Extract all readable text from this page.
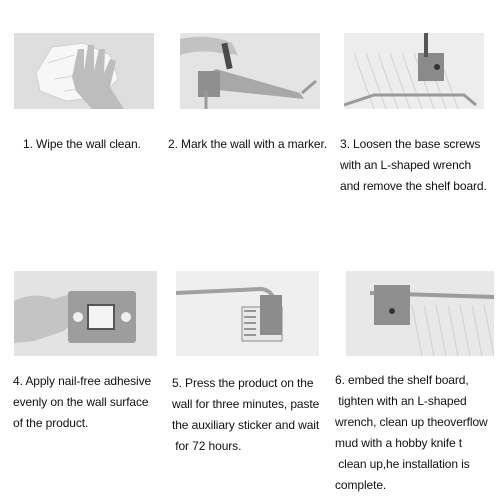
1. Wipe the wall clean. 2. Mark the wall with a marker. 3. Loosen the base screws
with an L-shaped wrench
and remove the shelf board.
4. Apply nail-free adhesive
evenly on the wall surface
of the product.
5. Press the product on the
wall for three minutes, paste
the auxiliary sticker and wait
for 72 hours.
6. embed the shelf board,
tighten with an L-shaped
wrench, clean up theoverflow
mud with a hobby knife t
clean up,he installation is
complete.
